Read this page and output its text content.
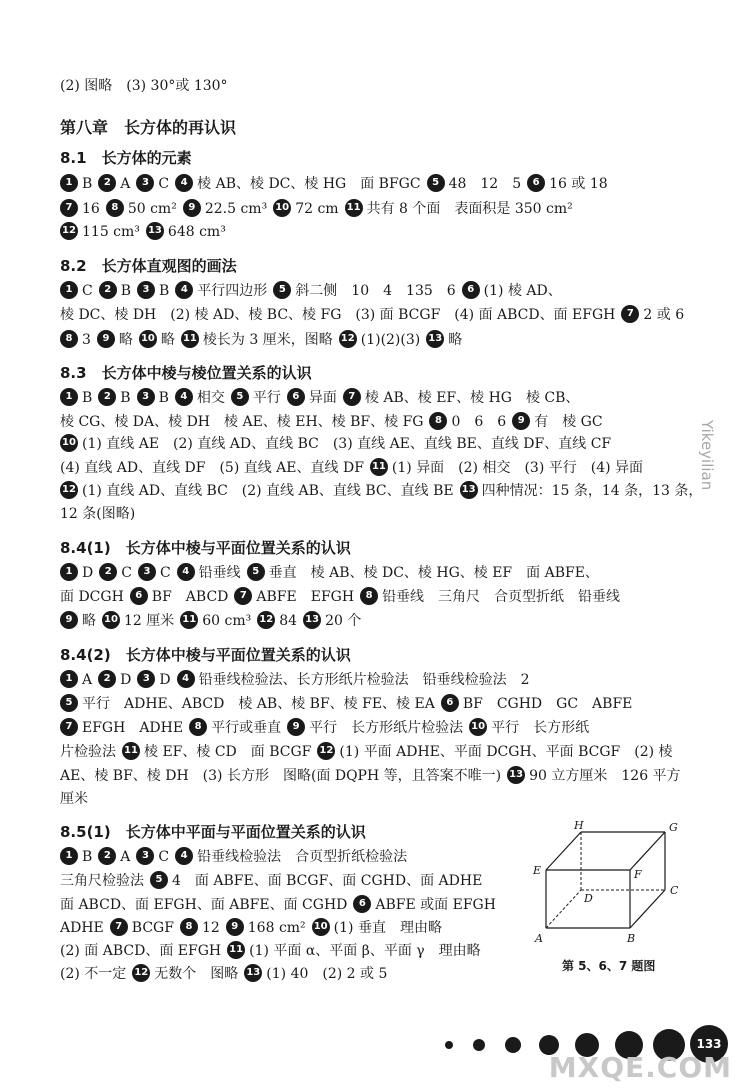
(2) 图略　(3) 30°或 130°
第八章　长方体的再认识
8.1　长方体的元素
1 B 2 A 3 C 4 棱 AB、棱 DC、棱 HG　面 BFGC 5 48　12　5 6 16 或 18
7 16 8 50 cm² 9 22.5 cm³ 10 72 cm 11 共有 8 个面　表面积是 350 cm²
12 115 cm³ 13 648 cm³
8.2　长方体直观图的画法
1 C 2 B 3 B 4 平行四边形 5 斜二侧　10　4　135　6 6 (1) 棱 AD、
棱 DC、棱 DH　(2) 棱 AD、棱 BC、棱 FG　(3) 面 BCGF　(4) 面 ABCD、面 EFGH 7 2 或 6
8 3 9 略 10 略 11 棱长为 3 厘米，图略 12 (1)(2)(3) 13 略
8.3　长方体中棱与棱位置关系的认识
1 B 2 B 3 B 4 相交 5 平行 6 异面 7 棱 AB、棱 EF、棱 HG　棱 CB、
棱 CG、棱 DA、棱 DH　棱 AE、棱 EH、棱 BF、棱 FG 8 0　6　6 9 有　棱 GC
10 (1) 直线 AE　(2) 直线 AD、直线 BC　(3) 直线 AE、直线 BE、直线 DF、直线 CF
(4) 直线 AD、直线 DF　(5) 直线 AE、直线 DF 11 (1) 异面　(2) 相交　(3) 平行　(4) 异面
12 (1) 直线 AD、直线 BC　(2) 直线 AB、直线 BC、直线 BE 13 四种情况：15 条，14 条，13 条，
12 条(图略)
8.4(1)　长方体中棱与平面位置关系的认识
1 D 2 C 3 C 4 铅垂线 5 垂直　棱 AB、棱 DC、棱 HG、棱 EF　面 ABFE、
面 DCGH 6 BF　ABCD 7 ABFE　EFGH 8 铅垂线　三角尺　合页型折纸　铅垂线
9 略 10 12 厘米 11 60 cm³ 12 84 13 20 个
8.4(2)　长方体中棱与平面位置关系的认识
1 A 2 D 3 D 4 铅垂线检验法、长方形纸片检验法　铅垂线检验法　2
5 平行　ADHE、ABCD　棱 AB、棱 BF、棱 FE、棱 EA 6 BF　CGHD　GC　ABFE
7 EFGH　ADHE 8 平行或垂直 9 平行　长方形纸片检验法 10 平行　长方形纸
片检验法 11 棱 EF、棱 CD　面 BCGF 12 (1) 平面 ADHE、平面 DCGH、平面 BCGF　(2) 棱
AE、棱 BF、棱 DH　(3) 长方形　图略(面 DQPH 等，且答案不唯一) 13 90 立方厘米　126 平方
厘米
8.5(1)　长方体中平面与平面位置关系的认识
1 B 2 A 3 C 4 铅垂线检验法　合页型折纸检验法
三角尺检验法 5 4　面 ABFE、面 BCGF、面 CGHD、面 ADHE
面 ABCD、面 EFGH、面 ABFE、面 CGHD 6 ABFE 或面 EFGH
ADHE 7 BCGF 8 12 9 168 cm² 10 (1) 垂直　理由略
(2) 面 ABCD、面 EFGH 11 (1) 平面 α、平面 β、平面 γ　理由略
(2) 不一定 12 无数个　图略 13 (1) 40　(2) 2 或 5
A	B
C
D
E	F
G
H
第 5、6、7 题图
Yikeyilian
133
MXQE.COM
